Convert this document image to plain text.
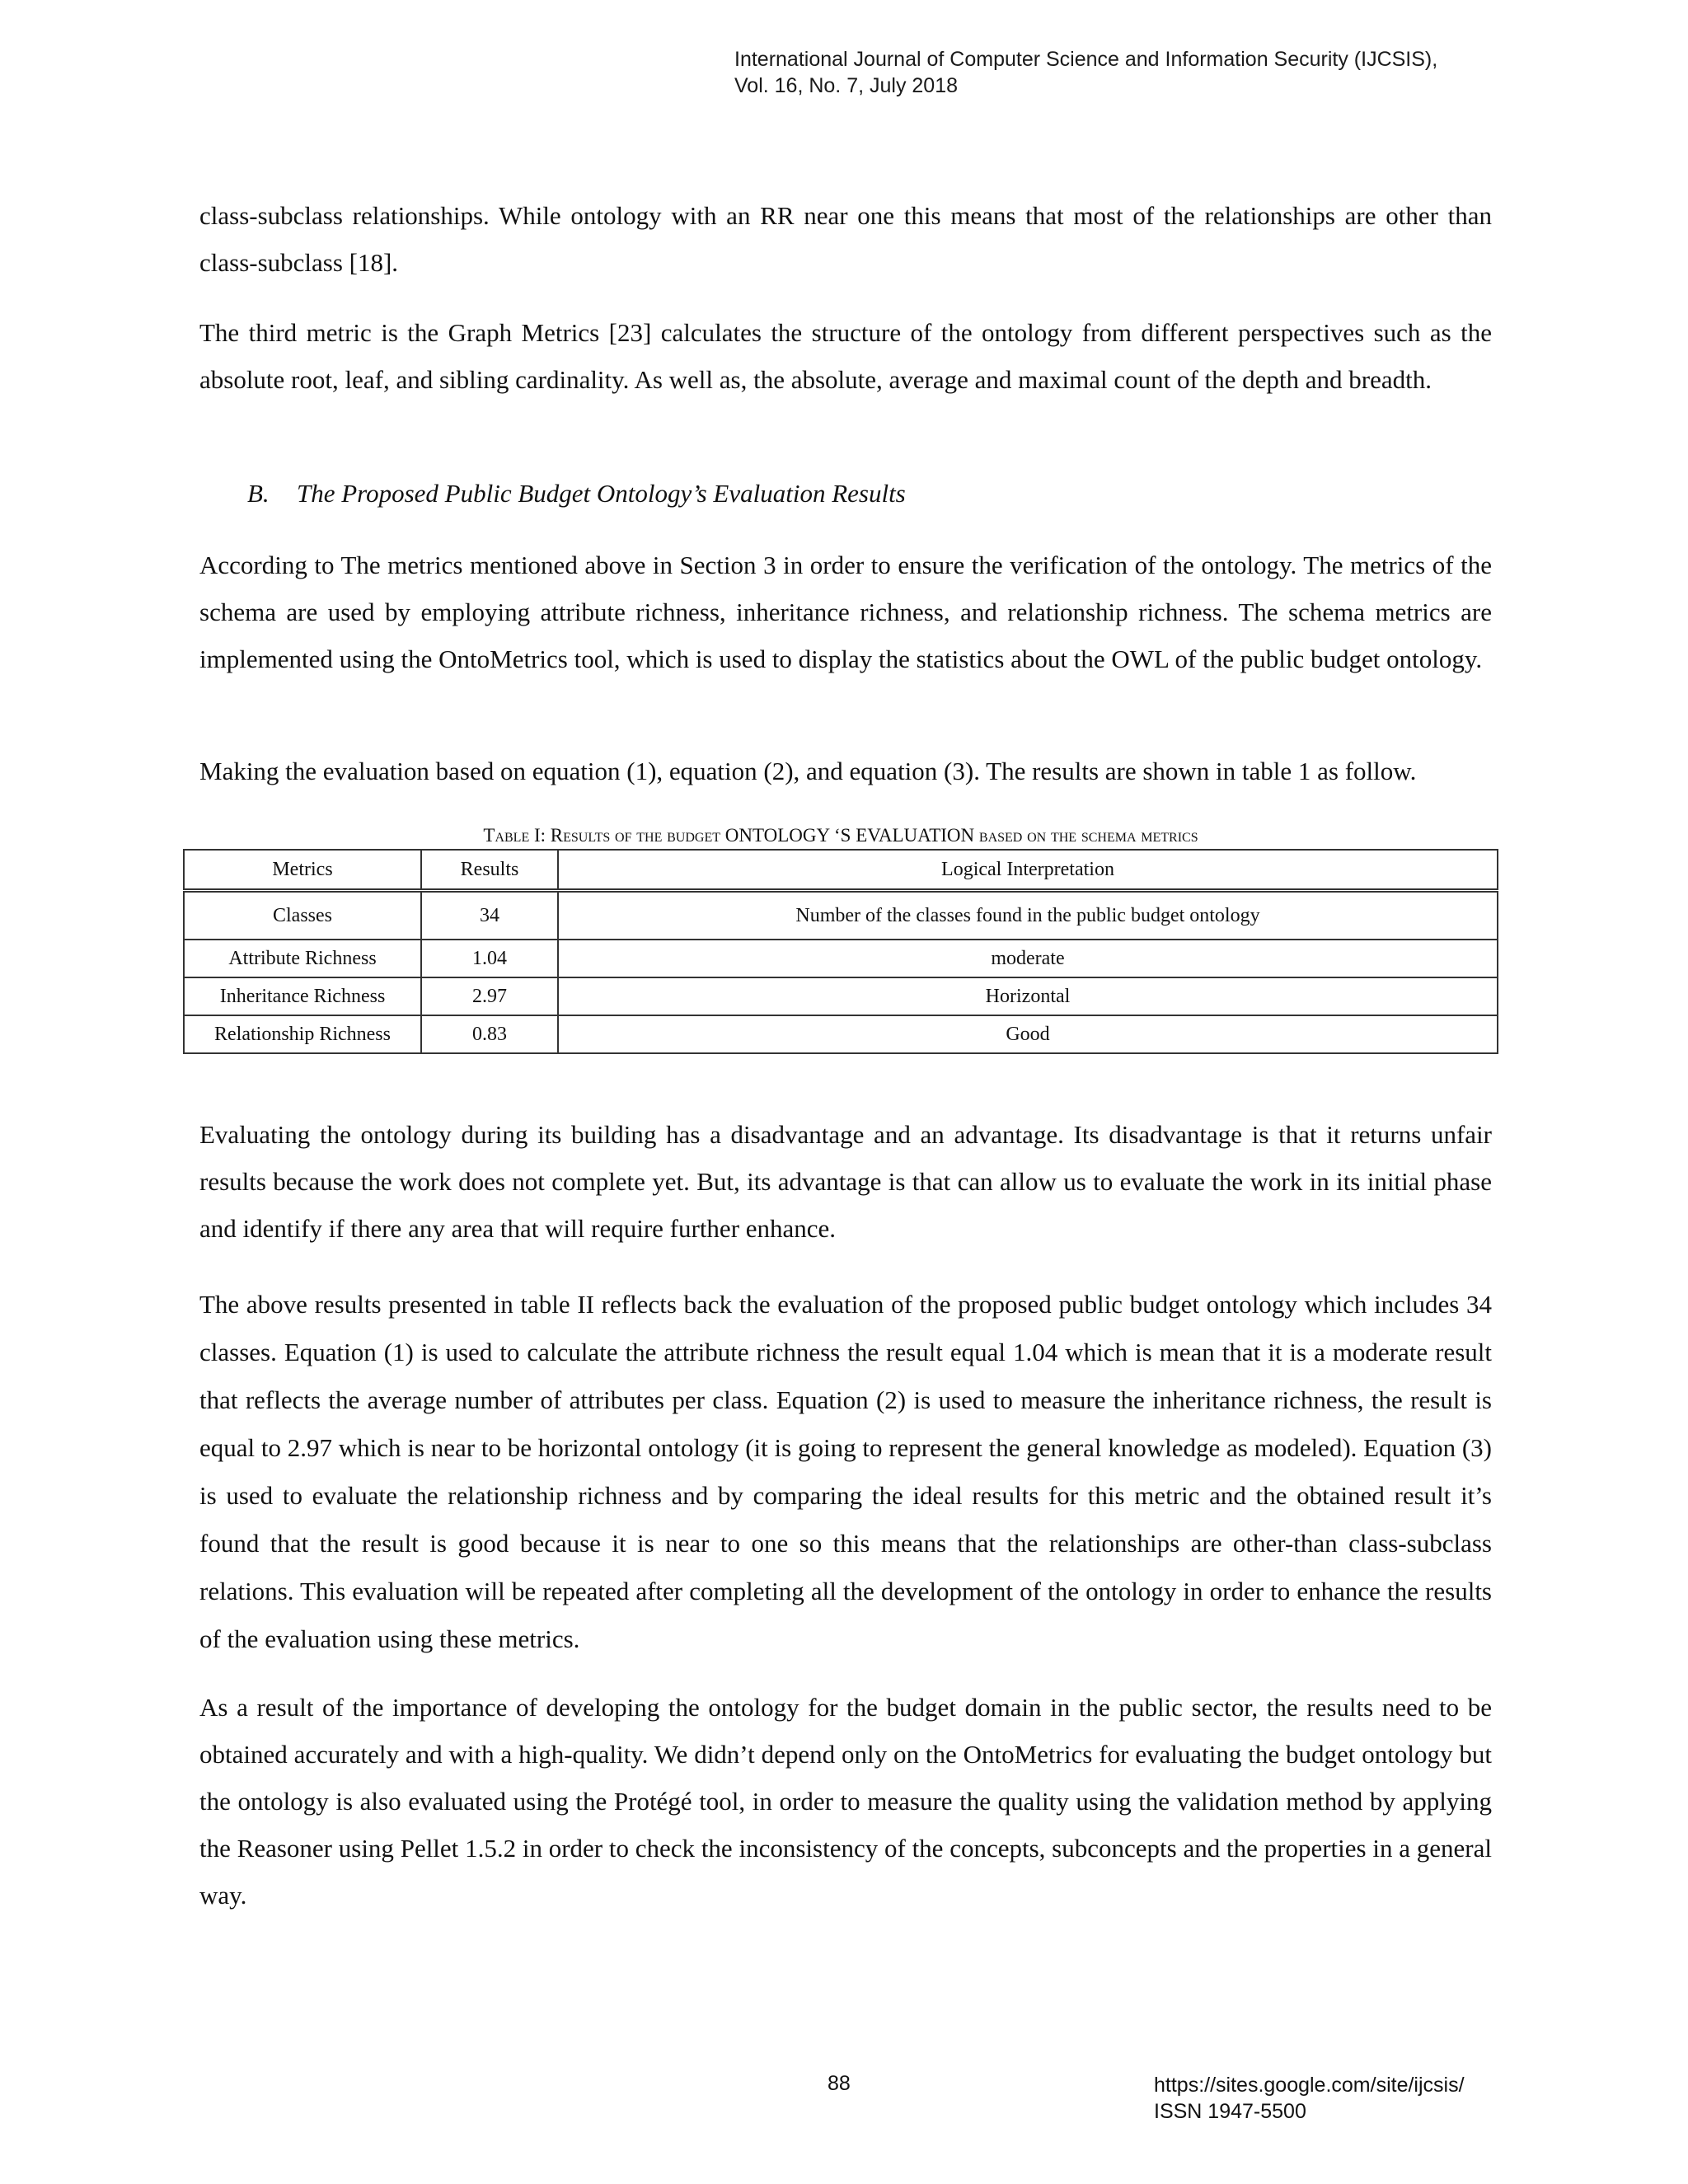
International Journal of Computer Science and Information Security (IJCSIS),
Vol. 16, No. 7, July 2018

class-subclass relationships. While ontology with an RR near one this means that most of the relationships are other than class-subclass [18].

The third metric is the Graph Metrics [23] calculates the structure of the ontology from different perspectives such as the absolute root, leaf, and sibling cardinality. As well as, the absolute, average and maximal count of the depth and breadth.

B. The Proposed Public Budget Ontology’s Evaluation Results

According to The metrics mentioned above in Section 3 in order to ensure the verification of the ontology. The metrics of the schema are used by employing attribute richness, inheritance richness, and relationship richness. The schema metrics are implemented using the OntoMetrics tool, which is used to display the statistics about the OWL of the public budget ontology.

Making the evaluation based on equation (1), equation (2), and equation (3). The results are shown in table 1 as follow.

Table I: Results of the budget ONTOLOGY ‘S EVALUATION based on the schema metrics
Metrics	Results	Logical Interpretation
Classes	34	Number of the classes found in the public budget ontology
Attribute Richness	1.04	moderate
Inheritance Richness	2.97	Horizontal
Relationship Richness	0.83	Good

Evaluating the ontology during its building has a disadvantage and an advantage. Its disadvantage is that it returns unfair results because the work does not complete yet. But, its advantage is that can allow us to evaluate the work in its initial phase and identify if there any area that will require further enhance.

The above results presented in table II reflects back the evaluation of the proposed public budget ontology which includes 34 classes. Equation (1) is used to calculate the attribute richness the result equal 1.04 which is mean that it is a moderate result that reflects the average number of attributes per class. Equation (2) is used to measure the inheritance richness, the result is equal to 2.97 which is near to be horizontal ontology (it is going to represent the general knowledge as modeled). Equation (3) is used to evaluate the relationship richness and by comparing the ideal results for this metric and the obtained result it’s found that the result is good because it is near to one so this means that the relationships are other-than class-subclass relations. This evaluation will be repeated after completing all the development of the ontology in order to enhance the results of the evaluation using these metrics.

As a result of the importance of developing the ontology for the budget domain in the public sector, the results need to be obtained accurately and with a high-quality. We didn’t depend only on the OntoMetrics for evaluating the budget ontology but the ontology is also evaluated using the Protégé tool, in order to measure the quality using the validation method by applying the Reasoner using Pellet 1.5.2 in order to check the inconsistency of the concepts, subconcepts and the properties in a general way.

88	https://sites.google.com/site/ijcsis/
ISSN 1947-5500
